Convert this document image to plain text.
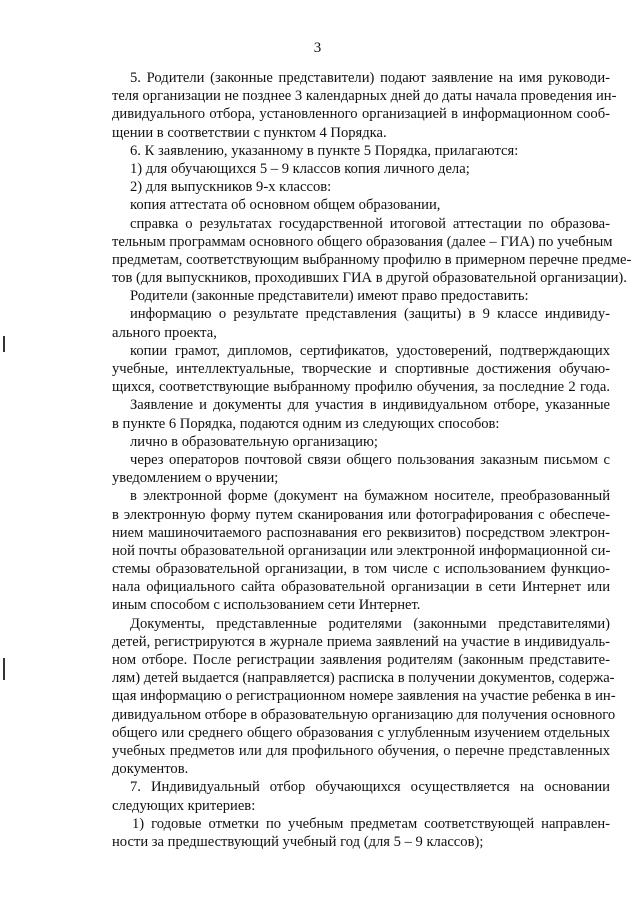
3
5. Родители (законные представители) подают заявление на имя руководи-
теля организации не позднее 3 календарных дней до даты начала проведения ин-
дивидуального отбора, установленного организацией в информационном сооб-
щении в соответствии с пунктом 4 Порядка.
6. К заявлению, указанному в пункте 5 Порядка, прилагаются:
1) для обучающихся 5 – 9 классов копия личного дела;
2) для выпускников 9-х классов:
копия аттестата об основном общем образовании,
справка о результатах государственной итоговой аттестации по образова-
тельным программам основного общего образования (далее – ГИА) по учебным
предметам, соответствующим выбранному профилю в примерном перечне предме-
тов (для выпускников, проходивших ГИА в другой образовательной организации).
Родители (законные представители) имеют право предоставить:
информацию о результате представления (защиты) в 9 классе индивиду-
ального проекта,
копии грамот, дипломов, сертификатов, удостоверений, подтверждающих
учебные, интеллектуальные, творческие и спортивные достижения обучаю-
щихся, соответствующие выбранному профилю обучения, за последние 2 года.
Заявление и документы для участия в индивидуальном отборе, указанные
в пункте 6 Порядка, подаются одним из следующих способов:
лично в образовательную организацию;
через операторов почтовой связи общего пользования заказным письмом с
уведомлением о вручении;
в электронной форме (документ на бумажном носителе, преобразованный
в электронную форму путем сканирования или фотографирования с обеспече-
нием машиночитаемого распознавания его реквизитов) посредством электрон-
ной почты образовательной организации или электронной информационной си-
стемы образовательной организации, в том числе с использованием функцио-
нала официального сайта образовательной организации в сети Интернет или
иным способом с использованием сети Интернет.
Документы, представленные родителями (законными представителями)
детей, регистрируются в журнале приема заявлений на участие в индивидуаль-
ном отборе. После регистрации заявления родителям (законным представите-
лям) детей выдается (направляется) расписка в получении документов, содержа-
щая информацию о регистрационном номере заявления на участие ребенка в ин-
дивидуальном отборе в образовательную организацию для получения основного
общего или среднего общего образования с углубленным изучением отдельных
учебных предметов или для профильного обучения, о перечне представленных
документов.
7. Индивидуальный отбор обучающихся осуществляется на основании
следующих критериев:
1) годовые отметки по учебным предметам соответствующей направлен-
ности за предшествующий учебный год (для 5 – 9 классов);
